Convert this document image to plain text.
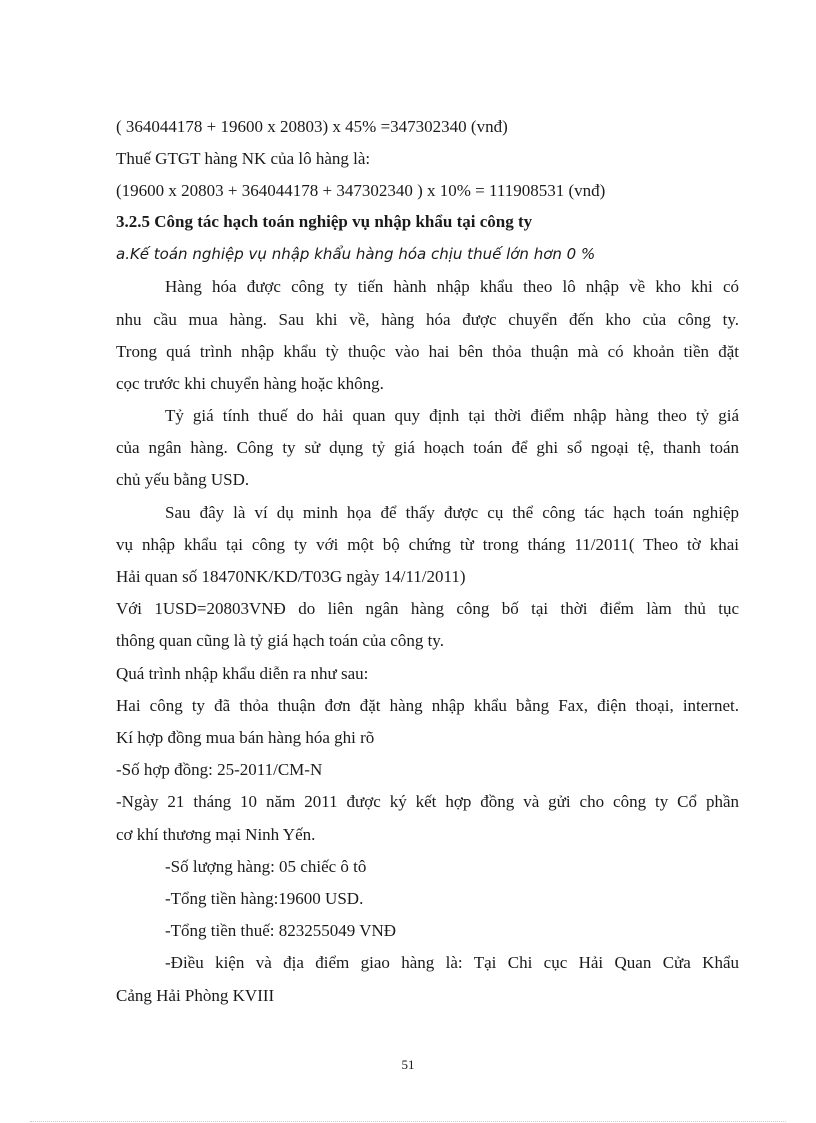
( 364044178 + 19600 x 20803) x 45% =347302340 (vnđ)
Thuế GTGT hàng NK của lô hàng là:
(19600 x 20803 + 364044178 + 347302340 ) x 10% = 111908531 (vnđ)
3.2.5 Công tác hạch toán nghiệp vụ nhập khẩu tại công ty
a.Kế toán nghiệp vụ nhập khẩu hàng hóa chịu thuế lớn hơn 0 %
Hàng hóa được công ty tiến hành nhập khẩu theo lô nhập về kho khi có
nhu cầu mua hàng. Sau khi về, hàng hóa được chuyển đến kho của công ty.
Trong quá trình nhập khẩu tỳ thuộc vào hai bên thỏa thuận mà có khoản tiền đặt
cọc trước khi chuyển hàng hoặc không.
Tỷ giá tính thuế do hải quan quy định tại thời điểm nhập hàng theo tỷ giá
của ngân hàng. Công ty sử dụng tỷ giá hoạch toán để ghi sổ ngoại tệ, thanh toán
chủ yếu bằng USD.
Sau đây là ví dụ minh họa để thấy được cụ thể công tác hạch toán nghiệp
vụ nhập khẩu tại công ty với một bộ chứng từ trong tháng 11/2011( Theo tờ khai
Hải quan số 18470NK/KD/T03G ngày 14/11/2011)
Với 1USD=20803VNĐ do liên ngân hàng công bố tại thời điểm làm thủ tục
thông quan cũng là tỷ giá hạch toán của công ty.
Quá trình nhập khẩu diễn ra như sau:
Hai công ty đã thỏa thuận đơn đặt hàng nhập khẩu bằng Fax, điện thoại, internet.
Kí hợp đồng mua bán hàng hóa ghi rõ
-Số hợp đồng: 25-2011/CM-N
-Ngày 21 tháng 10 năm 2011 được ký kết hợp đồng và gửi cho công ty Cổ phần
cơ khí thương mại Ninh Yến.
-Số lượng hàng: 05 chiếc ô tô
-Tổng tiền hàng:19600 USD.
-Tổng tiền thuế: 823255049 VNĐ
-Điều kiện và địa điểm giao hàng là: Tại Chi cục Hải Quan Cửa Khẩu
Cảng Hải Phòng KVIII
51
